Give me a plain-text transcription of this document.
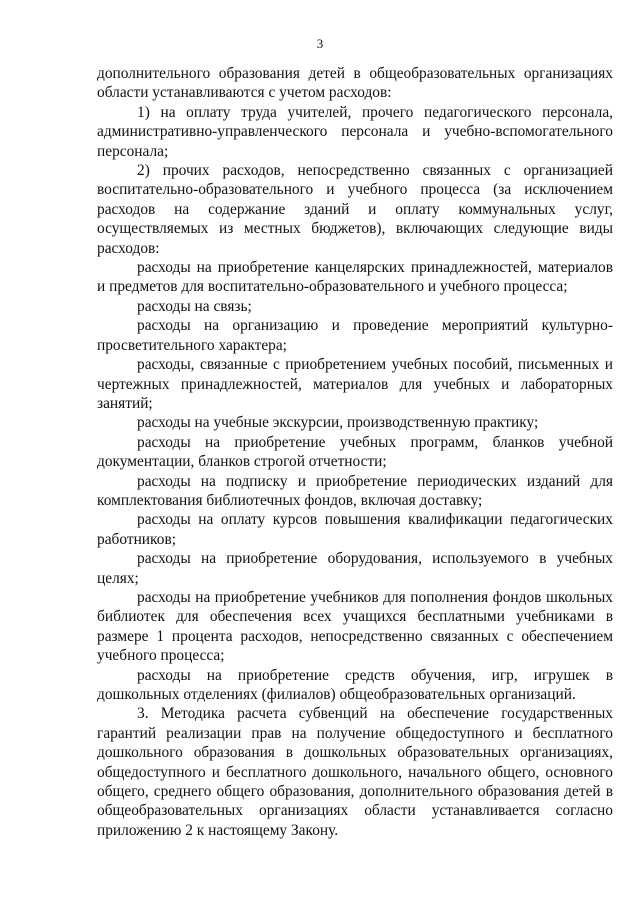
3

дополнительного образования детей в общеобразовательных организациях области устанавливаются с учетом расходов:

1) на оплату труда учителей, прочего педагогического персонала, административно-управленческого персонала и учебно-вспомогательного персонала;

2) прочих расходов, непосредственно связанных с организацией воспитательно-образовательного и учебного процесса (за исключением расходов на содержание зданий и оплату коммунальных услуг, осуществляемых из местных бюджетов), включающих следующие виды расходов:

расходы на приобретение канцелярских принадлежностей, материалов и предметов для воспитательно-образовательного и учебного процесса;

расходы на связь;

расходы на организацию и проведение мероприятий культурно-просветительного характера;

расходы, связанные с приобретением учебных пособий, письменных и чертежных принадлежностей, материалов для учебных и лабораторных занятий;

расходы на учебные экскурсии, производственную практику;

расходы на приобретение учебных программ, бланков учебной документации, бланков строгой отчетности;

расходы на подписку и приобретение периодических изданий для комплектования библиотечных фондов, включая доставку;

расходы на оплату курсов повышения квалификации педагогических работников;

расходы на приобретение оборудования, используемого в учебных целях;

расходы на приобретение учебников для пополнения фондов школьных библиотек для обеспечения всех учащихся бесплатными учебниками в размере 1 процента расходов, непосредственно связанных с обеспечением учебного процесса;

расходы на приобретение средств обучения, игр, игрушек в дошкольных отделениях (филиалов) общеобразовательных организаций.

3. Методика расчета субвенций на обеспечение государственных гарантий реализации прав на получение общедоступного и бесплатного дошкольного образования в дошкольных образовательных организациях, общедоступного и бесплатного дошкольного, начального общего, основного общего, среднего общего образования, дополнительного образования детей в общеобразовательных организациях области устанавливается согласно приложению 2 к настоящему Закону.
